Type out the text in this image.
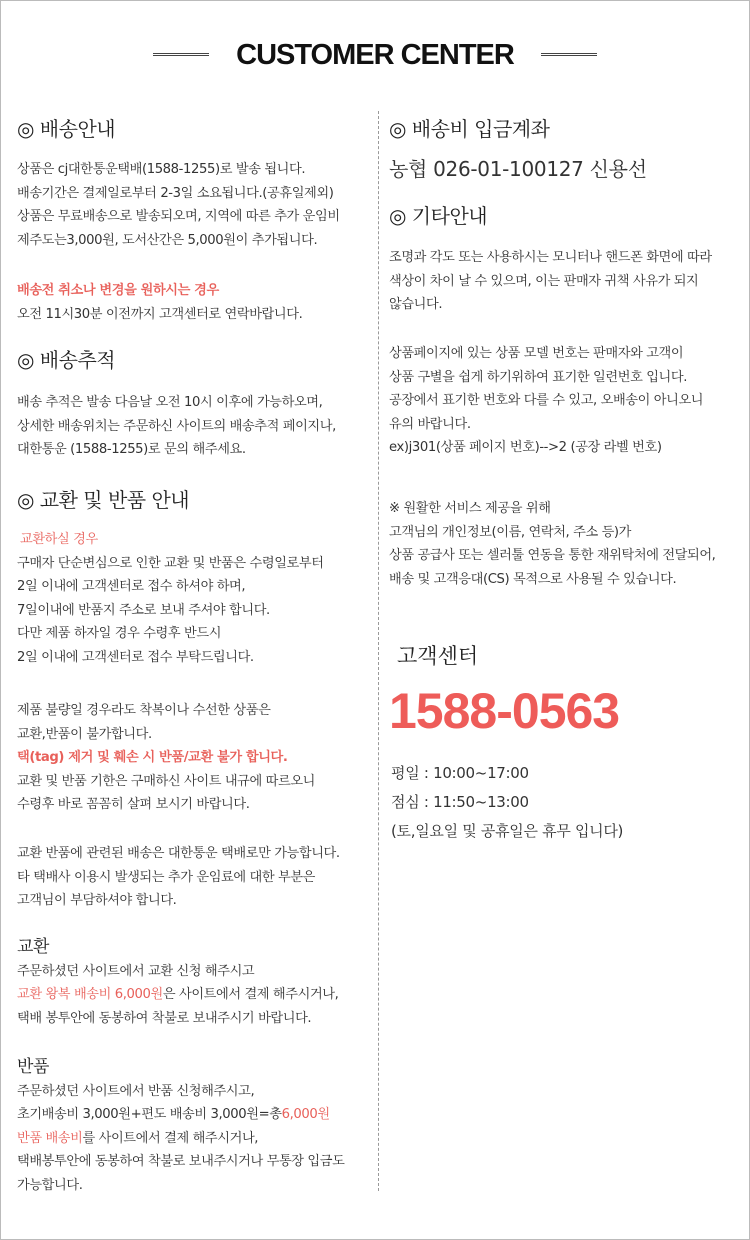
CUSTOMER CENTER
◎ 배송안내
상품은 cj대한통운택배(1588-1255)로 발송 됩니다.
배송기간은 결제일로부터 2-3일 소요됩니다.(공휴일제외)
상품은 무료배송으로 발송되오며, 지역에 따른 추가 운임비
제주도는3,000원, 도서산간은 5,000원이 추가됩니다.
배송전 취소나 변경을 원하시는 경우
오전 11시30분 이전까지 고객센터로 연락바랍니다.
◎ 배송추적
배송 추적은 발송 다음날 오전 10시 이후에 가능하오며,
상세한 배송위치는 주문하신 사이트의 배송추적 페이지나,
대한통운 (1588-1255)로 문의 해주세요.
◎ 교환 및 반품 안내
교환하실 경우
구매자 단순변심으로 인한 교환 및 반품은 수령일로부터
2일 이내에 고객센터로 접수 하셔야 하며,
7일이내에 반품지 주소로 보내 주셔야 합니다.
다만 제품 하자일 경우 수령후 반드시
2일 이내에 고객센터로 접수 부탁드립니다.
제품 불량일 경우라도 착복이나 수선한 상품은
교환,반품이 불가합니다.
택(tag) 제거 및 훼손 시 반품/교환 불가 합니다.
교환 및 반품 기한은 구매하신 사이트 내규에 따르오니
수령후 바로 꼼꼼히 살펴 보시기 바랍니다.
교환 반품에 관련된 배송은 대한통운 택배로만 가능합니다.
타 택배사 이용시 발생되는 추가 운임료에 대한 부분은
고객님이 부담하셔야 합니다.
교환
주문하셨던 사이트에서 교환 신청 해주시고
교환 왕복 배송비 6,000원은 사이트에서 결제 해주시거나,
택배 봉투안에 동봉하여 착불로 보내주시기 바랍니다.
반품
주문하셨던 사이트에서 반품 신청해주시고,
초기배송비 3,000원+편도 배송비 3,000원=총6,000원
반품 배송비를 사이트에서 결제 해주시거나,
택배봉투안에 동봉하여 착불로 보내주시거나 무통장 입금도
가능합니다.
◎ 배송비 입금계좌
농협 026-01-100127 신용선
◎ 기타안내
조명과 각도 또는 사용하시는 모니터나 핸드폰 화면에 따라
색상이 차이 날 수 있으며, 이는 판매자 귀책 사유가 되지
않습니다.
상품페이지에 있는 상품 모델 번호는 판매자와 고객이
상품 구별을 쉽게 하기위하여 표기한 일련번호 입니다.
공장에서 표기한 번호와 다를 수 있고, 오배송이 아니오니
유의 바랍니다.
ex)j301(상품 페이지 번호)-->2 (공장 라벨 번호)
※ 원활한 서비스 제공을 위해
고객님의 개인정보(이름, 연락처, 주소 등)가
상품 공급사 또는 셀러툴 연동을 통한 재위탁처에 전달되어,
배송 및 고객응대(CS) 목적으로 사용될 수 있습니다.
고객센터
1588-0563
평일 : 10:00~17:00
점심 : 11:50~13:00
(토,일요일 및 공휴일은 휴무 입니다)
